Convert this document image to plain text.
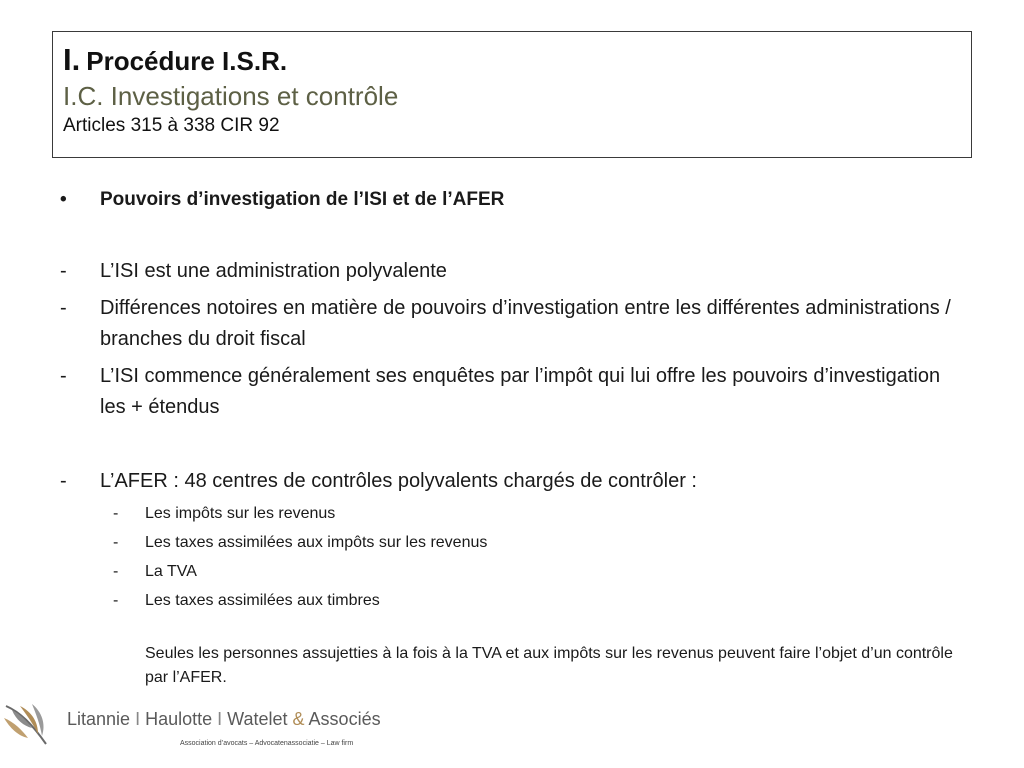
I. Procédure I.S.R.
I.C. Investigations et contrôle
Articles 315 à 338 CIR 92
• Pouvoirs d’investigation de l’ISI et de l’AFER
- L’ISI est une administration polyvalente
- Différences notoires en matière de pouvoirs d’investigation entre les différentes administrations / branches du droit fiscal
- L’ISI commence généralement ses enquêtes par l’impôt qui lui offre les pouvoirs d’investigation les + étendus
- L’AFER : 48 centres de contrôles polyvalents chargés de contrôler :
- Les impôts sur les revenus
- Les taxes assimilées aux impôts sur les revenus
- La TVA
- Les taxes assimilées aux timbres
Seules les personnes assujetties à la fois à la TVA et aux impôts sur les revenus peuvent faire l’objet d’un contrôle par l’AFER.
Litannie I Haulotte I Watelet & Associés
Association d’avocats – Advocatenassociatie – Law firm
